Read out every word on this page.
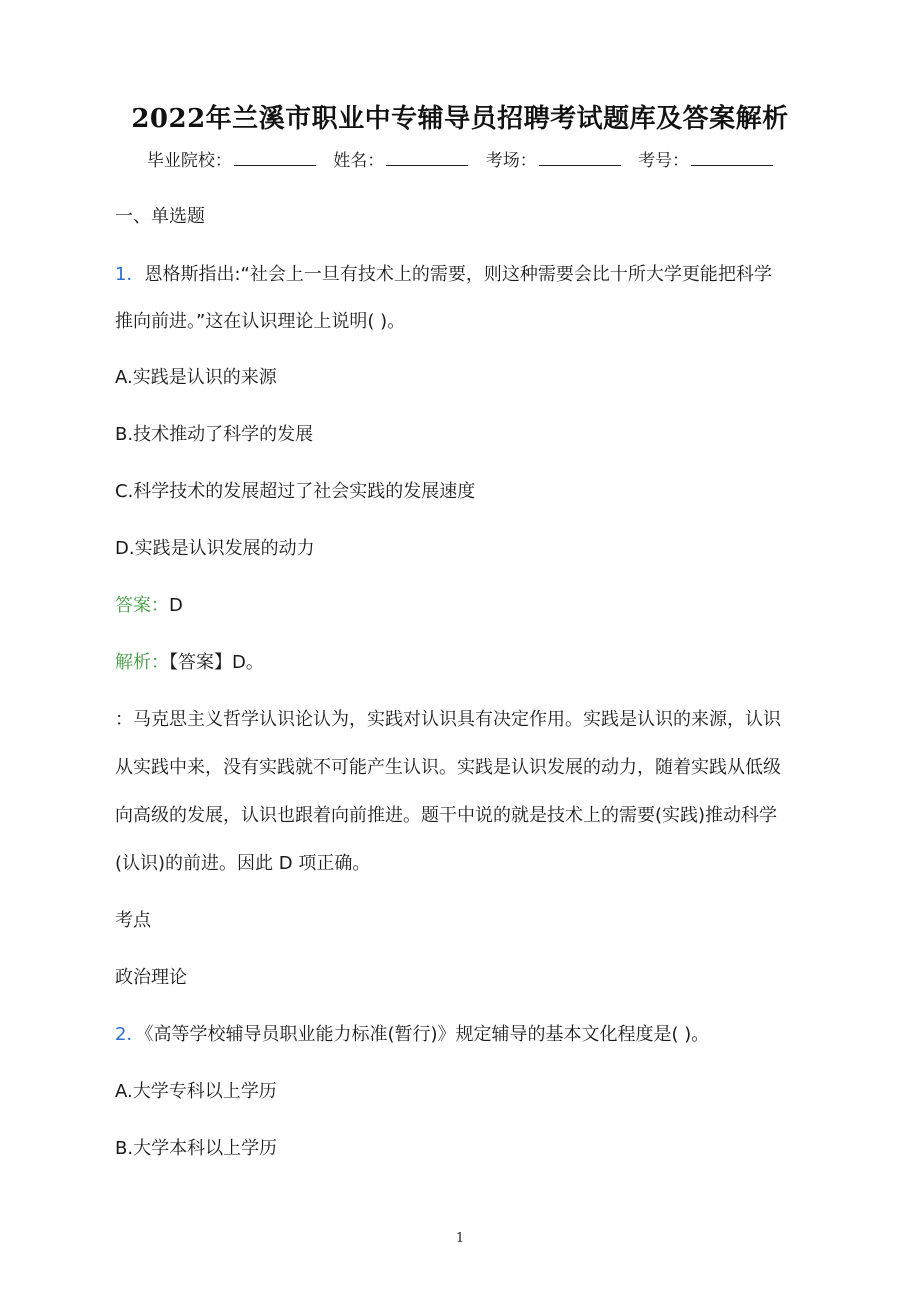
2022年兰溪市职业中专辅导员招聘考试题库及答案解析
毕业院校：	姓名：	考场：	考号：
一、单选题
1．恩格斯指出:“社会上一旦有技术上的需要，则这种需要会比十所大学更能把科学
推向前进。”这在认识理论上说明( )。
A.实践是认识的来源
B.技术推动了科学的发展
C.科学技术的发展超过了社会实践的发展速度
D.实践是认识发展的动力
答案：D
解析：【答案】D。
：马克思主义哲学认识论认为，实践对认识具有决定作用。实践是认识的来源，认识
从实践中来，没有实践就不可能产生认识。实践是认识发展的动力，随着实践从低级
向高级的发展，认识也跟着向前推进。题干中说的就是技术上的需要(实践)推动科学
(认识)的前进。因此 D 项正确。
考点
政治理论
2．《高等学校辅导员职业能力标准(暂行)》规定辅导的基本文化程度是( )。
A.大学专科以上学历
B.大学本科以上学历
1
